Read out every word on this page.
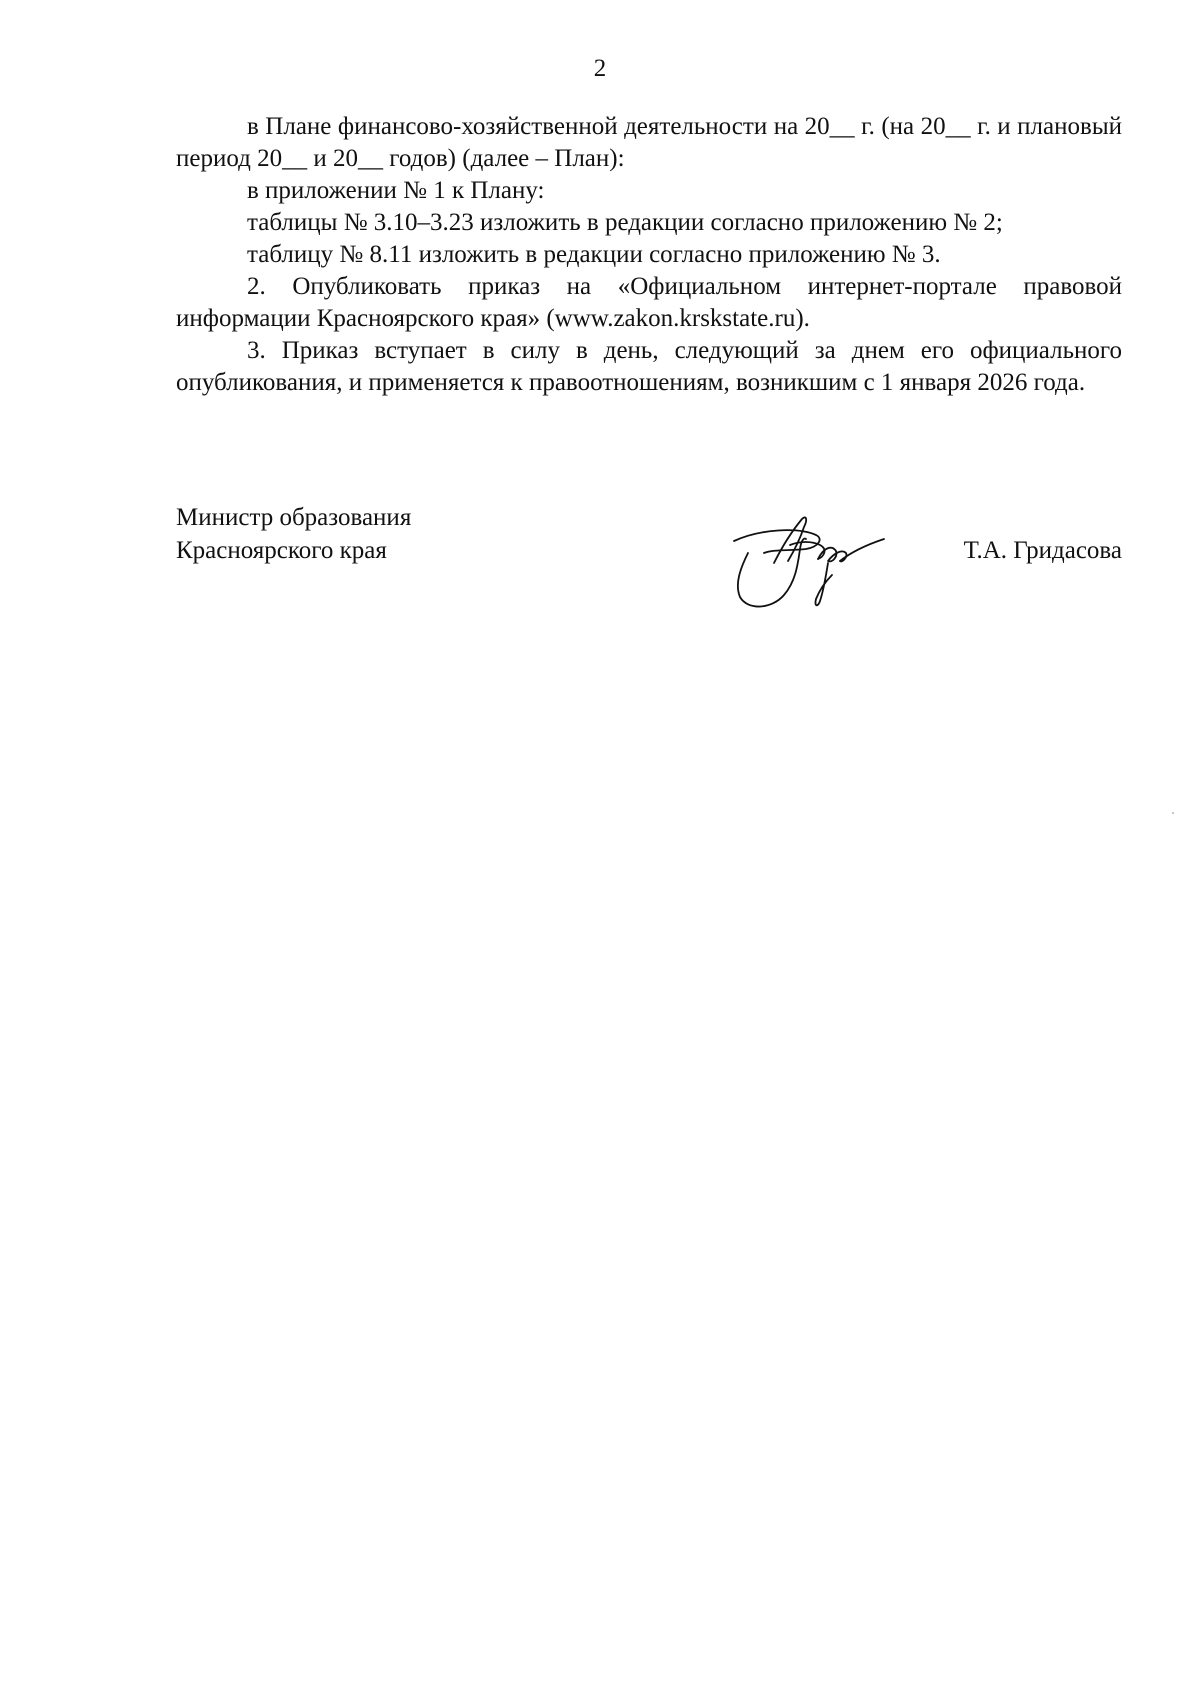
2

в Плане финансово-хозяйственной деятельности на 20__ г. (на 20__ г. и плановый период 20__ и 20__ годов) (далее – План):

в приложении № 1 к Плану:

таблицы № 3.10–3.23 изложить в редакции согласно приложению № 2;

таблицу № 8.11 изложить в редакции согласно приложению № 3.

2. Опубликовать приказ на «Официальном интернет-портале правовой информации Красноярского края» (www.zakon.krskstate.ru).

3. Приказ вступает в силу в день, следующий за днем его официального опубликования, и применяется к правоотношениям, возникшим с 1 января 2026 года.

Министр образования
Красноярского края	Т.А. Гридасова
